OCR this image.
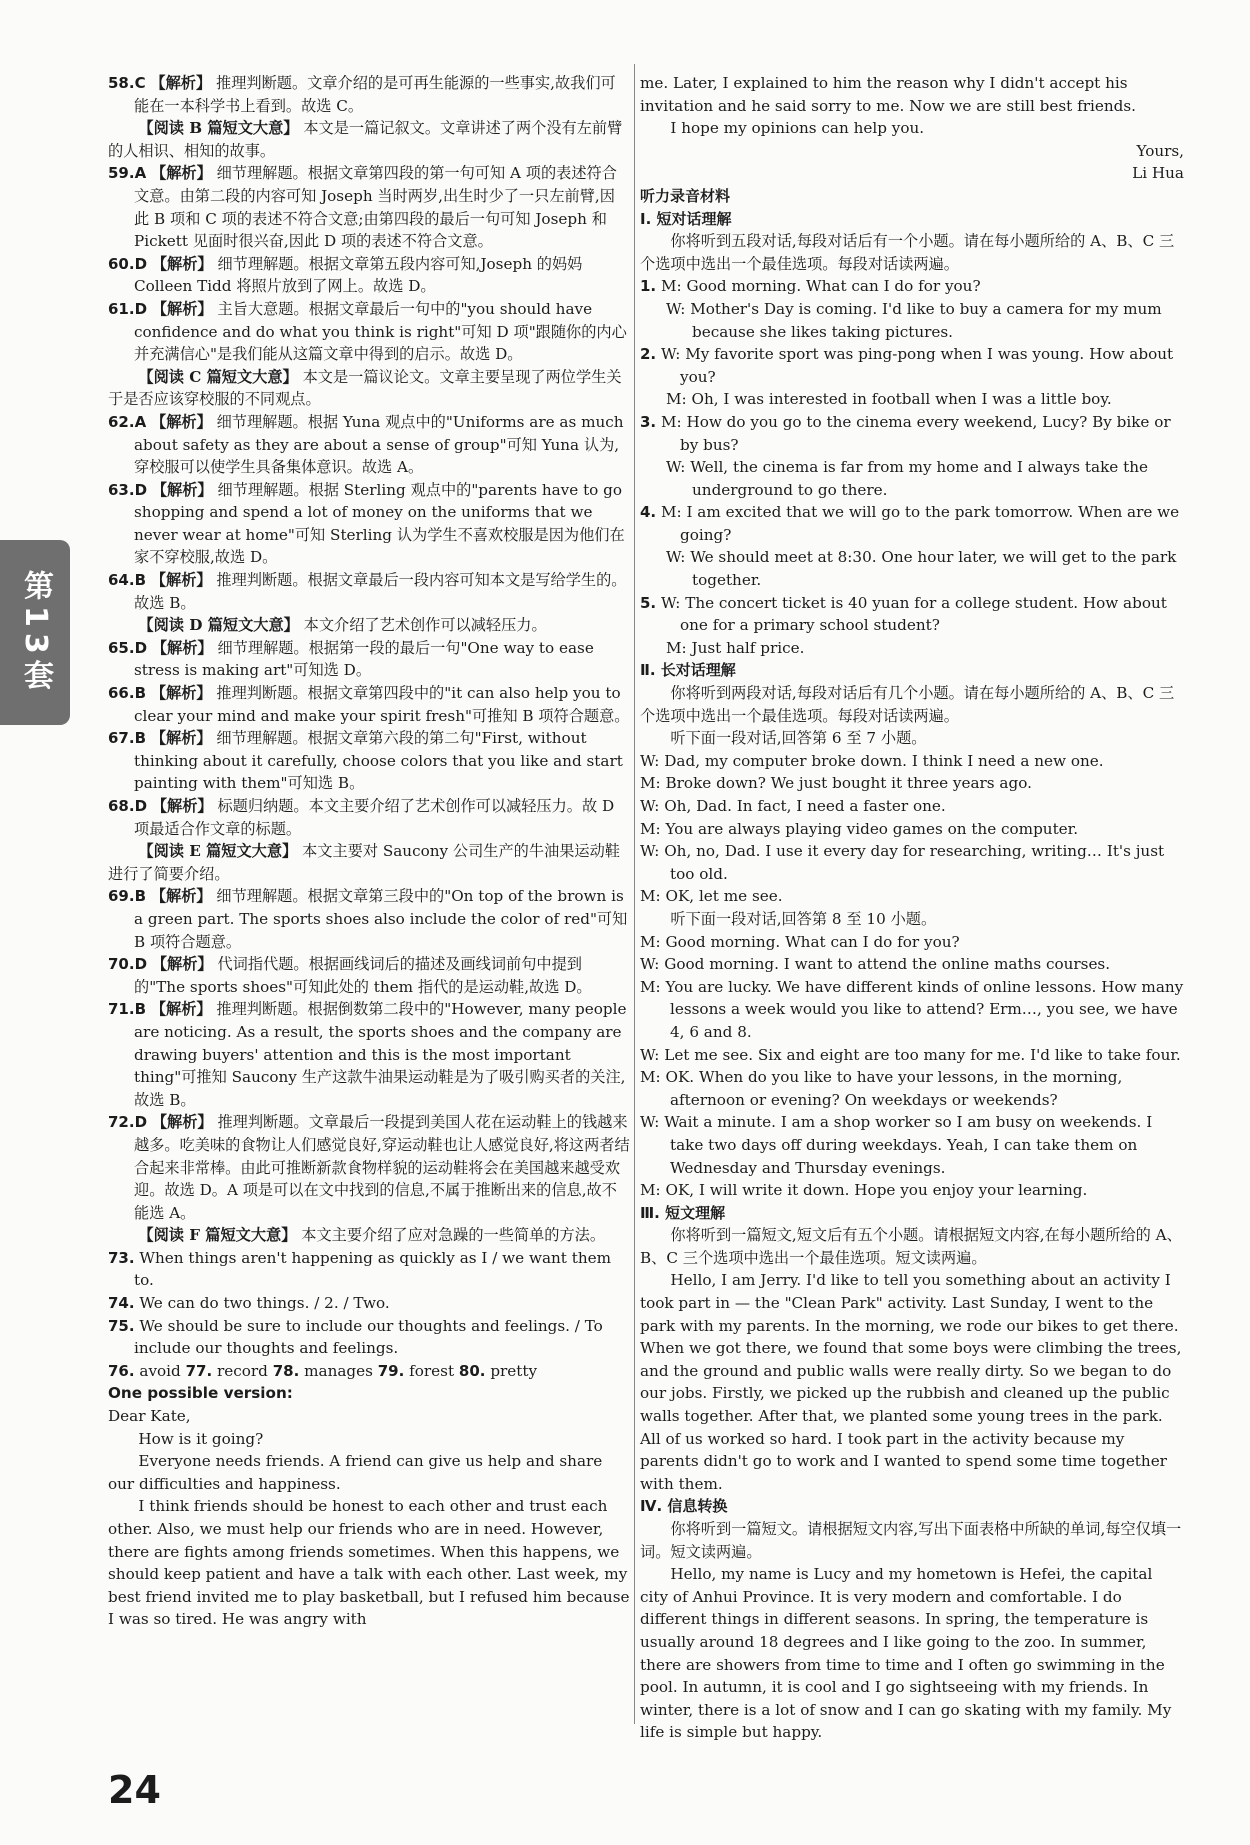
第13套

58.C 【解析】 推理判断题。文章介绍的是可再生能源的一些事实,故我们可能在一本科学书上看到。故选 C。

【阅读 B 篇短文大意】 本文是一篇记叙文。文章讲述了两个没有左前臂的人相识、相知的故事。

59.A 【解析】 细节理解题。根据文章第四段的第一句可知 A 项的表述符合文意。由第二段的内容可知 Joseph 当时两岁,出生时少了一只左前臂,因此 B 项和 C 项的表述不符合文意;由第四段的最后一句可知 Joseph 和 Pickett 见面时很兴奋,因此 D 项的表述不符合文意。

60.D 【解析】 细节理解题。根据文章第五段内容可知,Joseph 的妈妈 Colleen Tidd 将照片放到了网上。故选 D。

61.D 【解析】 主旨大意题。根据文章最后一句中的"you should have confidence and do what you think is right"可知 D 项"跟随你的内心并充满信心"是我们能从这篇文章中得到的启示。故选 D。

【阅读 C 篇短文大意】 本文是一篇议论文。文章主要呈现了两位学生关于是否应该穿校服的不同观点。

62.A 【解析】 细节理解题。根据 Yuna 观点中的"Uniforms are as much about safety as they are about a sense of group"可知 Yuna 认为,穿校服可以使学生具备集体意识。故选 A。

63.D 【解析】 细节理解题。根据 Sterling 观点中的"parents have to go shopping and spend a lot of money on the uniforms that we never wear at home"可知 Sterling 认为学生不喜欢校服是因为他们在家不穿校服,故选 D。

64.B 【解析】 推理判断题。根据文章最后一段内容可知本文是写给学生的。故选 B。

【阅读 D 篇短文大意】 本文介绍了艺术创作可以减轻压力。

65.D 【解析】 细节理解题。根据第一段的最后一句"One way to ease stress is making art"可知选 D。

66.B 【解析】 推理判断题。根据文章第四段中的"it can also help you to clear your mind and make your spirit fresh"可推知 B 项符合题意。

67.B 【解析】 细节理解题。根据文章第六段的第二句"First, without thinking about it carefully, choose colors that you like and start painting with them"可知选 B。

68.D 【解析】 标题归纳题。本文主要介绍了艺术创作可以减轻压力。故 D 项最适合作文章的标题。

【阅读 E 篇短文大意】 本文主要对 Saucony 公司生产的牛油果运动鞋进行了简要介绍。

69.B 【解析】 细节理解题。根据文章第三段中的"On top of the brown is a green part. The sports shoes also include the color of red"可知 B 项符合题意。

70.D 【解析】 代词指代题。根据画线词后的描述及画线词前句中提到的"The sports shoes"可知此处的 them 指代的是运动鞋,故选 D。

71.B 【解析】 推理判断题。根据倒数第二段中的"However, many people are noticing. As a result, the sports shoes and the company are drawing buyers' attention and this is the most important thing"可推知 Saucony 生产这款牛油果运动鞋是为了吸引购买者的关注,故选 B。

72.D 【解析】 推理判断题。文章最后一段提到美国人花在运动鞋上的钱越来越多。吃美味的食物让人们感觉良好,穿运动鞋也让人感觉良好,将这两者结合起来非常棒。由此可推断新款食物样貌的运动鞋将会在美国越来越受欢迎。故选 D。A 项是可以在文中找到的信息,不属于推断出来的信息,故不能选 A。

【阅读 F 篇短文大意】 本文主要介绍了应对急躁的一些简单的方法。

73. When things aren't happening as quickly as I / we want them to.

74. We can do two things. / 2. / Two.

75. We should be sure to include our thoughts and feelings. / To include our thoughts and feelings.

76. avoid 77. record 78. manages 79. forest 80. pretty

One possible version:

Dear Kate,

How is it going?

Everyone needs friends. A friend can give us help and share our difficulties and happiness.

I think friends should be honest to each other and trust each other. Also, we must help our friends who are in need. However, there are fights among friends sometimes. When this happens, we should keep patient and have a talk with each other. Last week, my best friend invited me to play basketball, but I refused him because I was so tired. He was angry with

me. Later, I explained to him the reason why I didn't accept his invitation and he said sorry to me. Now we are still best friends.

I hope my opinions can help you.

Yours,

Li Hua

听力录音材料

Ⅰ. 短对话理解

你将听到五段对话,每段对话后有一个小题。请在每小题所给的 A、B、C 三个选项中选出一个最佳选项。每段对话读两遍。

1. M: Good morning. What can I do for you?

W: Mother's Day is coming. I'd like to buy a camera for my mum because she likes taking pictures.

2. W: My favorite sport was ping-pong when I was young. How about you?

M: Oh, I was interested in football when I was a little boy.

3. M: How do you go to the cinema every weekend, Lucy? By bike or by bus?

W: Well, the cinema is far from my home and I always take the underground to go there.

4. M: I am excited that we will go to the park tomorrow. When are we going?

W: We should meet at 8:30. One hour later, we will get to the park together.

5. W: The concert ticket is 40 yuan for a college student. How about one for a primary school student?

M: Just half price.

Ⅱ. 长对话理解

你将听到两段对话,每段对话后有几个小题。请在每小题所给的 A、B、C 三个选项中选出一个最佳选项。每段对话读两遍。

听下面一段对话,回答第 6 至 7 小题。

W: Dad, my computer broke down. I think I need a new one.

M: Broke down? We just bought it three years ago.

W: Oh, Dad. In fact, I need a faster one.

M: You are always playing video games on the computer.

W: Oh, no, Dad. I use it every day for researching, writing… It's just too old.

M: OK, let me see.

听下面一段对话,回答第 8 至 10 小题。

M: Good morning. What can I do for you?

W: Good morning. I want to attend the online maths courses.

M: You are lucky. We have different kinds of online lessons. How many lessons a week would you like to attend? Erm…, you see, we have 4, 6 and 8.

W: Let me see. Six and eight are too many for me. I'd like to take four.

M: OK. When do you like to have your lessons, in the morning, afternoon or evening? On weekdays or weekends?

W: Wait a minute. I am a shop worker so I am busy on weekends. I take two days off during weekdays. Yeah, I can take them on Wednesday and Thursday evenings.

M: OK, I will write it down. Hope you enjoy your learning.

Ⅲ. 短文理解

你将听到一篇短文,短文后有五个小题。请根据短文内容,在每小题所给的 A、B、C 三个选项中选出一个最佳选项。短文读两遍。

Hello, I am Jerry. I'd like to tell you something about an activity I took part in — the "Clean Park" activity. Last Sunday, I went to the park with my parents. In the morning, we rode our bikes to get there. When we got there, we found that some boys were climbing the trees, and the ground and public walls were really dirty. So we began to do our jobs. Firstly, we picked up the rubbish and cleaned up the public walls together. After that, we planted some young trees in the park. All of us worked so hard. I took part in the activity because my parents didn't go to work and I wanted to spend some time together with them.

Ⅳ. 信息转换

你将听到一篇短文。请根据短文内容,写出下面表格中所缺的单词,每空仅填一词。短文读两遍。

Hello, my name is Lucy and my hometown is Hefei, the capital city of Anhui Province. It is very modern and comfortable. I do different things in different seasons. In spring, the temperature is usually around 18 degrees and I like going to the zoo. In summer, there are showers from time to time and I often go swimming in the pool. In autumn, it is cool and I go sightseeing with my friends. In winter, there is a lot of snow and I can go skating with my family. My life is simple but happy.

24
